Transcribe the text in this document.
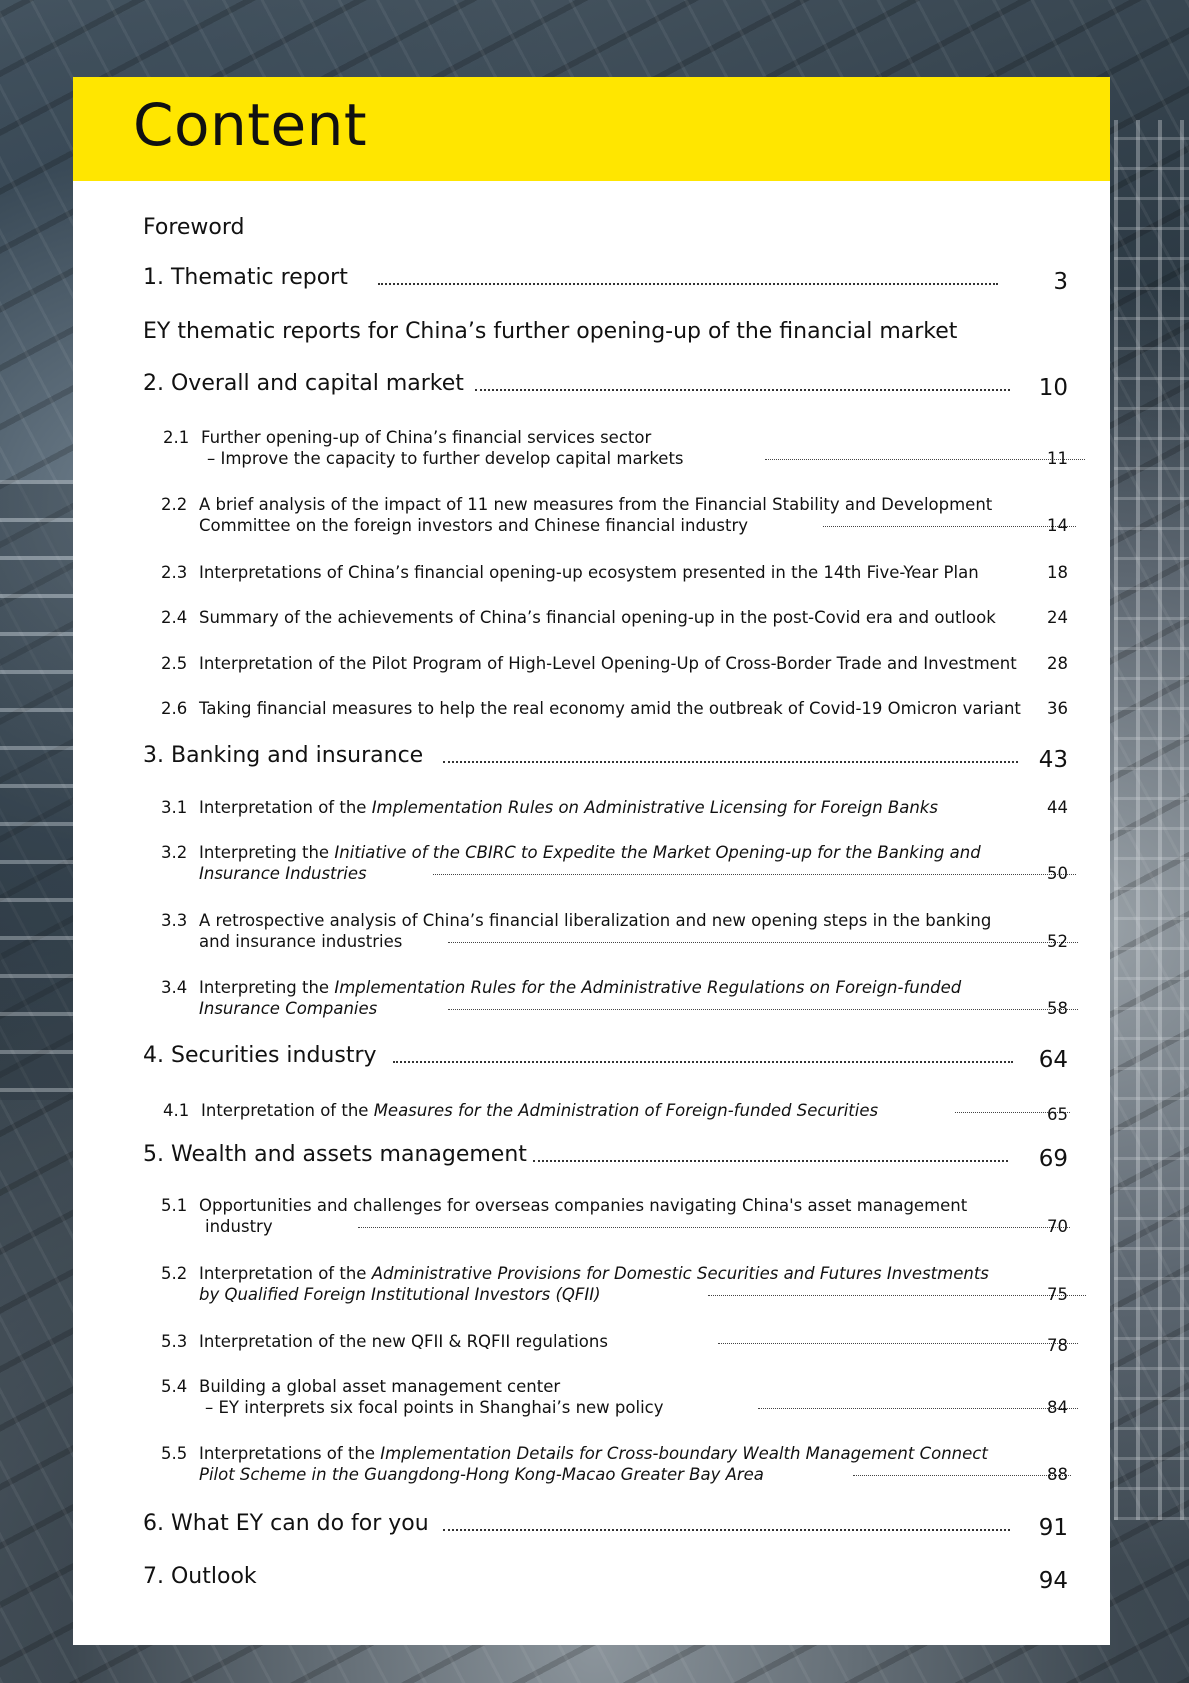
Content
Foreword
1. Thematic report	3
EY thematic reports for China’s further opening-up of the financial market
2. Overall and capital market	10
2.1 Further opening-up of China’s financial services sector
– Improve the capacity to further develop capital markets	11
2.2 A brief analysis of the impact of 11 new measures from the Financial Stability and Development
Committee on the foreign investors and Chinese financial industry	14
2.3 Interpretations of China’s financial opening-up ecosystem presented in the 14th Five-Year Plan	18
2.4 Summary of the achievements of China’s financial opening-up in the post-Covid era and outlook	24
2.5 Interpretation of the Pilot Program of High-Level Opening-Up of Cross-Border Trade and Investment	28
2.6 Taking financial measures to help the real economy amid the outbreak of Covid-19 Omicron variant	36
3. Banking and insurance	43
3.1 Interpretation of the Implementation Rules on Administrative Licensing for Foreign Banks	44
3.2 Interpreting the Initiative of the CBIRC to Expedite the Market Opening-up for the Banking and
Insurance Industries	50
3.3 A retrospective analysis of China’s financial liberalization and new opening steps in the banking
and insurance industries	52
3.4 Interpreting the Implementation Rules for the Administrative Regulations on Foreign-funded
Insurance Companies	58
4. Securities industry	64
4.1 Interpretation of the Measures for the Administration of Foreign-funded Securities	65
5. Wealth and assets management	69
5.1 Opportunities and challenges for overseas companies navigating China's asset management
industry	70
5.2 Interpretation of the Administrative Provisions for Domestic Securities and Futures Investments
by Qualified Foreign Institutional Investors (QFII)	75
5.3 Interpretation of the new QFII & RQFII regulations	78
5.4 Building a global asset management center
– EY interprets six focal points in Shanghai’s new policy	84
5.5 Interpretations of the Implementation Details for Cross-boundary Wealth Management Connect
Pilot Scheme in the Guangdong-Hong Kong-Macao Greater Bay Area	88
6. What EY can do for you	91
7. Outlook	94
